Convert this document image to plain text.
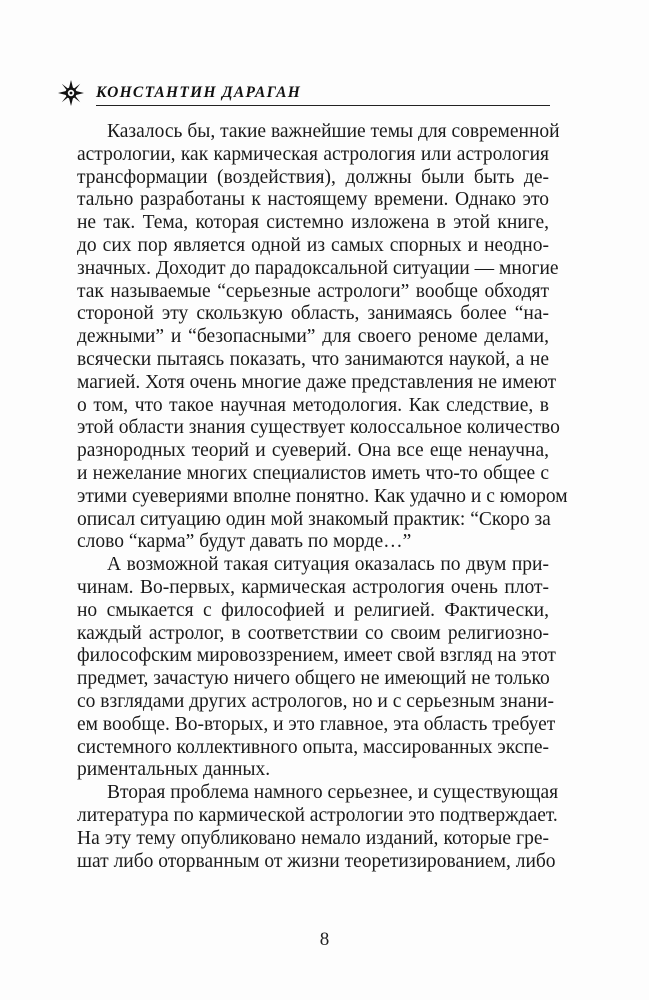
КОНСТАНТИН ДАРАГАН
Казалось бы, такие важнейшие темы для современной
астрологии, как кармическая астрология или астрология
трансформации (воздействия), должны были быть де-
тально разработаны к настоящему времени. Однако это
не так. Тема, которая системно изложена в этой книге,
до сих пор является одной из самых спорных и неодно-
значных. Доходит до парадоксальной ситуации — многие
так называемые “серьезные астрологи” вообще обходят
стороной эту скользкую область, занимаясь более “на-
дежными” и “безопасными” для своего реноме делами,
всячески пытаясь показать, что занимаются наукой, а не
магией. Хотя очень многие даже представления не имеют
о том, что такое научная методология. Как следствие, в
этой области знания существует колоссальное количество
разнородных теорий и суеверий. Она все еще ненаучна,
и нежелание многих специалистов иметь что-то общее с
этими суевериями вполне понятно. Как удачно и с юмором
описал ситуацию один мой знакомый практик: “Скоро за
слово “карма” будут давать по морде…”
А возможной такая ситуация оказалась по двум при-
чинам. Во-первых, кармическая астрология очень плот-
но смыкается с философией и религией. Фактически,
каждый астролог, в соответствии со своим религиозно-
философским мировоззрением, имеет свой взгляд на этот
предмет, зачастую ничего общего не имеющий не только
со взглядами других астрологов, но и с серьезным знани-
ем вообще. Во-вторых, и это главное, эта область требует
системного коллективного опыта, массированных экспе-
риментальных данных.
Вторая проблема намного серьезнее, и существующая
литература по кармической астрологии это подтверждает.
На эту тему опубликовано немало изданий, которые гре-
шат либо оторванным от жизни теоретизированием, либо
8
